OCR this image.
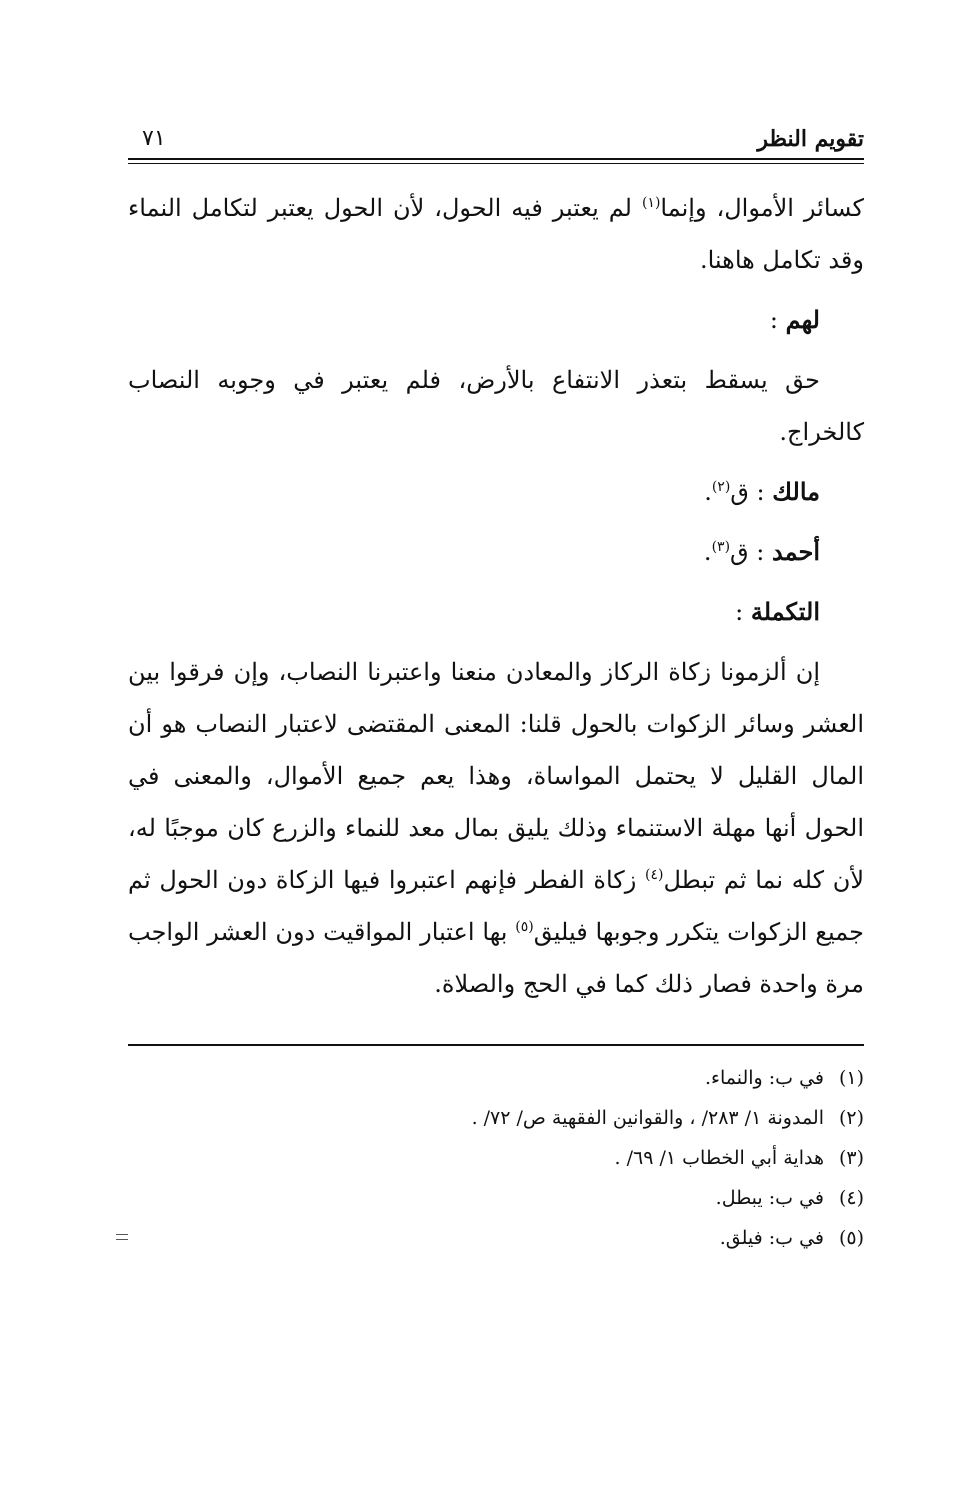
تقويم النظر
٧١

كسائر الأموال، وإنما$^{(١)}$ لم يعتبر فيه الحول، لأن الحول يعتبر لتكامل النماء وقد تكامل هاهنا.

لهم :

حق يسقط بتعذر الانتفاع بالأرض، فلم يعتبر في وجوبه النصاب كالخراج.

مالك : ق$^{(٢)}$.

أحمد : ق$^{(٣)}$.

التكملة :

إن ألزمونا زكاة الركاز والمعادن منعنا واعتبرنا النصاب، وإن فرقوا بين العشر وسائر الزكوات بالحول قلنا: المعنى المقتضى لاعتبار النصاب هو أن المال القليل لا يحتمل المواساة، وهذا يعم جميع الأموال، والمعنى في الحول أنها مهلة الاستنماء وذلك يليق بمال معد للنماء والزرع كان موجبًا له، لأن كله نما ثم تبطل$^{(٤)}$ زكاة الفطر فإنهم اعتبروا فيها الزكاة دون الحول ثم جميع الزكوات يتكرر وجوبها فيليق$^{(٥)}$ بها اعتبار المواقيت دون العشر الواجب مرة واحدة فصار ذلك كما في الحج والصلاة.

(١)في ب: والنماء.
(٢)المدونة ١/ ٢٨٣/ ، والقوانين الفقهية ص/ ٧٢/ .
(٣)هداية أبي الخطاب ١/ ٦٩/ .
(٤)في ب: يبطل.
(٥)في ب: فيلق.
